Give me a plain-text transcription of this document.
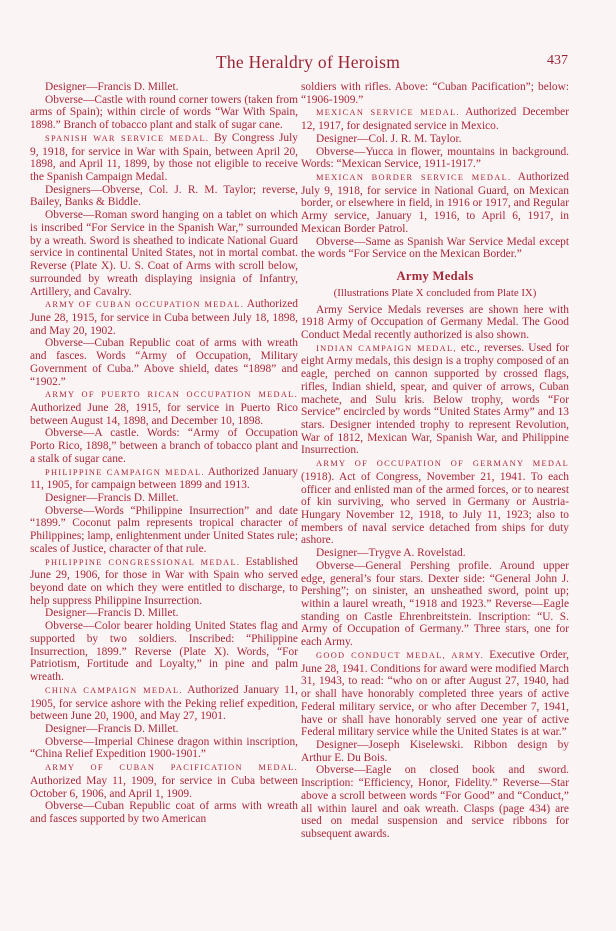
The Heraldry of Heroism	437

Designer—Francis D. Millet.

Obverse—Castle with round corner towers (taken from arms of Spain); within circle of words “War With Spain, 1898.” Branch of tobacco plant and stalk of sugar cane.

SPANISH WAR SERVICE MEDAL. By Congress July 9, 1918, for service in War with Spain, between April 20, 1898, and April 11, 1899, by those not eligible to receive the Spanish Campaign Medal.

Designers—Obverse, Col. J. R. M. Taylor; reverse, Bailey, Banks & Biddle.

Obverse—Roman sword hanging on a tablet on which is inscribed “For Service in the Spanish War,” surrounded by a wreath. Sword is sheathed to indicate National Guard service in continental United States, not in mortal combat. Reverse (Plate X). U. S. Coat of Arms with scroll below, surrounded by wreath displaying insignia of Infantry, Artillery, and Cavalry.

ARMY OF CUBAN OCCUPATION MEDAL. Authorized June 28, 1915, for service in Cuba between July 18, 1898, and May 20, 1902.

Obverse—Cuban Republic coat of arms with wreath and fasces. Words “Army of Occupation, Military Government of Cuba.” Above shield, dates “1898” and “1902.”

ARMY OF PUERTO RICAN OCCUPATION MEDAL. Authorized June 28, 1915, for service in Puerto Rico between August 14, 1898, and December 10, 1898.

Obverse—A castle. Words: “Army of Occupation Porto Rico, 1898,” between a branch of tobacco plant and a stalk of sugar cane.

PHILIPPINE CAMPAIGN MEDAL. Authorized January 11, 1905, for campaign between 1899 and 1913.

Designer—Francis D. Millet.

Obverse—Words “Philippine Insurrection” and date “1899.” Coconut palm represents tropical character of Philippines; lamp, enlightenment under United States rule; scales of Justice, character of that rule.

PHILIPPINE CONGRESSIONAL MEDAL. Established June 29, 1906, for those in War with Spain who served beyond date on which they were entitled to discharge, to help suppress Philippine Insurrection.

Designer—Francis D. Millet.

Obverse—Color bearer holding United States flag and supported by two soldiers. Inscribed: “Philippine Insurrection, 1899.” Reverse (Plate X). Words, “For Patriotism, Fortitude and Loyalty,” in pine and palm wreath.

CHINA CAMPAIGN MEDAL. Authorized January 11, 1905, for service ashore with the Peking relief expedition, between June 20, 1900, and May 27, 1901.

Designer—Francis D. Millet.

Obverse—Imperial Chinese dragon within inscription, “China Relief Expedition 1900-1901.”

ARMY OF CUBAN PACIFICATION MEDAL. Authorized May 11, 1909, for service in Cuba between October 6, 1906, and April 1, 1909.

Obverse—Cuban Republic coat of arms with wreath and fasces supported by two American

soldiers with rifles. Above: “Cuban Pacification”; below: “1906-1909.”

MEXICAN SERVICE MEDAL. Authorized December 12, 1917, for designated service in Mexico.

Designer—Col. J. R. M. Taylor.

Obverse—Yucca in flower, mountains in background. Words: “Mexican Service, 1911-1917.”

MEXICAN BORDER SERVICE MEDAL. Authorized July 9, 1918, for service in National Guard, on Mexican border, or elsewhere in field, in 1916 or 1917, and Regular Army service, January 1, 1916, to April 6, 1917, in Mexican Border Patrol.

Obverse—Same as Spanish War Service Medal except the words “For Service on the Mexican Border.”

Army Medals

(Illustrations Plate X concluded from Plate IX)

Army Service Medals reverses are shown here with 1918 Army of Occupation of Germany Medal. The Good Conduct Medal recently authorized is also shown.

INDIAN CAMPAIGN MEDAL, etc., reverses. Used for eight Army medals, this design is a trophy composed of an eagle, perched on cannon supported by crossed flags, rifles, Indian shield, spear, and quiver of arrows, Cuban machete, and Sulu kris. Below trophy, words “For Service” encircled by words “United States Army” and 13 stars. Designer intended trophy to represent Revolution, War of 1812, Mexican War, Spanish War, and Philippine Insurrection.

ARMY OF OCCUPATION OF GERMANY MEDAL (1918). Act of Congress, November 21, 1941. To each officer and enlisted man of the armed forces, or to nearest of kin surviving, who served in Germany or Austria-Hungary November 12, 1918, to July 11, 1923; also to members of naval service detached from ships for duty ashore.

Designer—Trygve A. Rovelstad.

Obverse—General Pershing profile. Around upper edge, general’s four stars. Dexter side: “General John J. Pershing”; on sinister, an unsheathed sword, point up; within a laurel wreath, “1918 and 1923.” Reverse—Eagle standing on Castle Ehrenbreitstein. Inscription: “U. S. Army of Occupation of Germany.” Three stars, one for each Army.

GOOD CONDUCT MEDAL, ARMY. Executive Order, June 28, 1941. Conditions for award were modified March 31, 1943, to read: “who on or after August 27, 1940, had or shall have honorably completed three years of active Federal military service, or who after December 7, 1941, have or shall have honorably served one year of active Federal military service while the United States is at war.”

Designer—Joseph Kiselewski. Ribbon design by Arthur E. Du Bois.

Obverse—Eagle on closed book and sword. Inscription: “Efficiency, Honor, Fidelity.” Reverse—Star above a scroll between words “For Good” and “Conduct,” all within laurel and oak wreath. Clasps (page 434) are used on medal suspension and service ribbons for subsequent awards.
